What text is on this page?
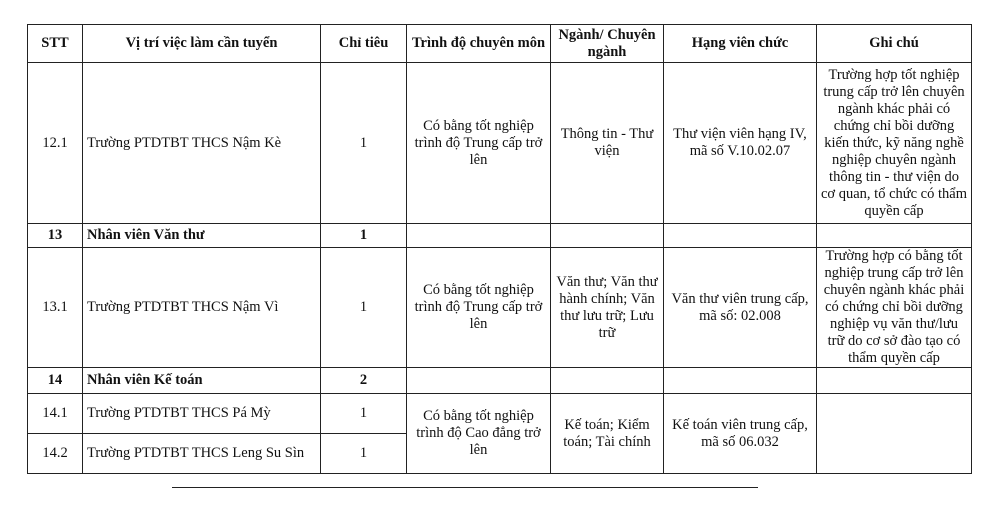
STT	Vị trí việc làm cần tuyển	Chỉ tiêu	Trình độ chuyên môn	Ngành/ Chuyên ngành	Hạng viên chức	Ghi chú
12.1	Trường PTDTBT THCS Nậm Kè	1	Có bằng tốt nghiệp trình độ Trung cấp trở lên	Thông tin - Thư viện	Thư viện viên hạng IV, mã số V.10.02.07	Trường hợp tốt nghiệp trung cấp trở lên chuyên ngành khác phải có chứng chỉ bồi dưỡng kiến thức, kỹ năng nghề nghiệp chuyên ngành thông tin - thư viện do cơ quan, tổ chức có thẩm quyền cấp
13	Nhân viên Văn thư	1				
13.1	Trường PTDTBT THCS Nậm Vì	1	Có bằng tốt nghiệp trình độ Trung cấp trở lên	Văn thư; Văn thư hành chính; Văn thư lưu trữ; Lưu trữ	Văn thư viên trung cấp, mã số: 02.008	Trường hợp có bằng tốt nghiệp trung cấp trở lên chuyên ngành khác phải có chứng chỉ bồi dưỡng nghiệp vụ văn thư/lưu trữ do cơ sở đào tạo có thẩm quyền cấp
14	Nhân viên Kế toán	2				
14.1	Trường PTDTBT THCS Pá Mỳ	1	Có bằng tốt nghiệp trình độ Cao đẳng trở lên	Kế toán; Kiểm toán; Tài chính	Kế toán viên trung cấp, mã số 06.032	
14.2	Trường PTDTBT THCS Leng Su Sìn	1				
